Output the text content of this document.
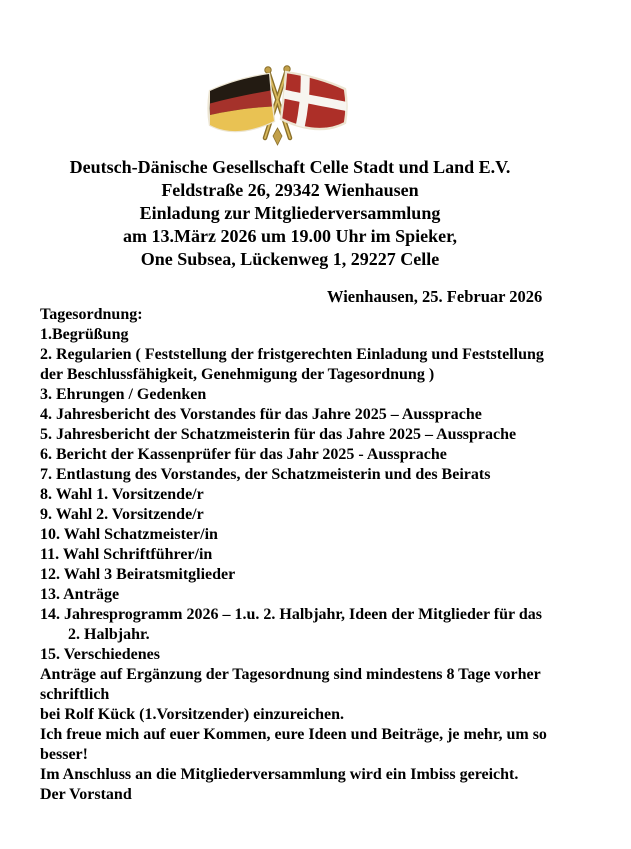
Deutsch-Dänische Gesellschaft Celle Stadt und Land E.V.
Feldstraße 26, 29342 Wienhausen
Einladung zur Mitgliederversammlung
am 13.März 2026 um 19.00 Uhr im Spieker,
One Subsea, Lückenweg 1, 29227 Celle
Wienhausen, 25. Februar 2026
Tagesordnung:
1.Begrüßung
2. Regularien ( Feststellung der fristgerechten Einladung und Feststellung
der Beschlussfähigkeit, Genehmigung der Tagesordnung )
3. Ehrungen / Gedenken
4. Jahresbericht des Vorstandes für das Jahre 2025 – Aussprache
5. Jahresbericht der Schatzmeisterin für das Jahre 2025 – Aussprache
6. Bericht der Kassenprüfer für das Jahr 2025 - Aussprache
7. Entlastung des Vorstandes, der Schatzmeisterin und des Beirats
8. Wahl 1. Vorsitzende/r
9. Wahl 2. Vorsitzende/r
10. Wahl Schatzmeister/in
11. Wahl Schriftführer/in
12. Wahl 3 Beiratsmitglieder
13. Anträge
14. Jahresprogramm 2026 – 1.u. 2. Halbjahr, Ideen der Mitglieder für das
2. Halbjahr.
15. Verschiedenes
Anträge auf Ergänzung der Tagesordnung sind mindestens 8 Tage vorher
schriftlich
bei Rolf Kück (1.Vorsitzender) einzureichen.
Ich freue mich auf euer Kommen, eure Ideen und Beiträge, je mehr, um so
besser!
Im Anschluss an die Mitgliederversammlung wird ein Imbiss gereicht.
Der Vorstand
